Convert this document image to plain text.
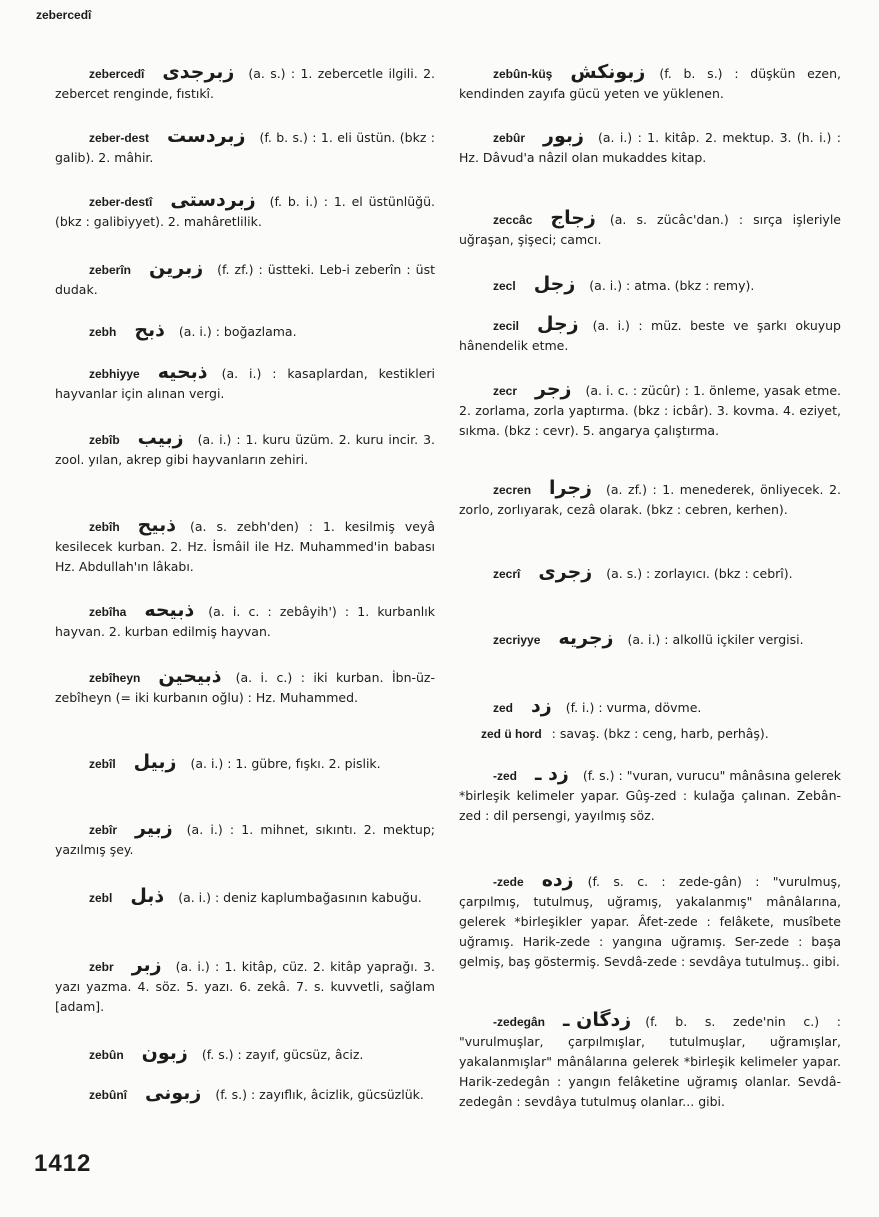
zebercedî
zebercedî زبرجدى (a. s.) : 1. zebercetle ilgili. 2. zebercet renginde, fıstıkî.
zeber-dest زبردست (f. b. s.) : 1. eli üstün. (bkz : galib). 2. mâhir.
zeber-destî زبردستى (f. b. i.) : 1. el üstünlüğü. (bkz : galibiyyet). 2. mahâretlilik.
zeberîn زبرين (f. zf.) : üstteki. Leb-i zeberîn : üst dudak.
zebh ذبح (a. i.) : boğazlama.
zebhiyye ذبحيه (a. i.) : kasaplardan, kestikleri hayvanlar için alınan vergi.
zebîb زبيب (a. i.) : 1. kuru üzüm. 2. kuru incir. 3. zool. yılan, akrep gibi hayvanların zehiri.
zebîh ذبيح (a. s. zebh'den) : 1. kesilmiş veyâ kesilecek kurban. 2. Hz. İsmâil ile Hz. Muhammed'in babası Hz. Abdullah'ın lâkabı.
zebîha ذبيحه (a. i. c. : zebâyih') : 1. kurbanlık hayvan. 2. kurban edilmiş hayvan.
zebîheyn ذبيحين (a. i. c.) : iki kurban. İbn-üz-zebîheyn (= iki kurbanın oğlu) : Hz. Muhammed.
zebîl زبيل (a. i.) : 1. gübre, fışkı. 2. pislik.
zebîr زبير (a. i.) : 1. mihnet, sıkıntı. 2. mektup; yazılmış şey.
zebl ذبل (a. i.) : deniz kaplumbağasının kabuğu.
zebr زبر (a. i.) : 1. kitâp, cüz. 2. kitâp yaprağı. 3. yazı yazma. 4. söz. 5. yazı. 6. zekâ. 7. s. kuvvetli, sağlam [adam].
zebûn زبون (f. s.) : zayıf, gücsüz, âciz.
zebûnî زبونى (f. s.) : zayıflık, âcizlik, gücsüzlük.
zebûn-küş زبونكش (f. b. s.) : düşkün ezen, kendinden zayıfa gücü yeten ve yüklenen.
zebûr زبور (a. i.) : 1. kitâp. 2. mektup. 3. (h. i.) : Hz. Dâvud'a nâzil olan mukaddes kitap.
zeccâc زجاج (a. s. zücâc'dan.) : sırça işleriyle uğraşan, şişeci; camcı.
zecl زجل (a. i.) : atma. (bkz : remy).
zecil زجل (a. i.) : müz. beste ve şarkı okuyup hânendelik etme.
zecr زجر (a. i. c. : zücûr) : 1. önleme, yasak etme. 2. zorlama, zorla yaptırma. (bkz : icbâr). 3. kovma. 4. eziyet, sıkma. (bkz : cevr). 5. angarya çalıştırma.
zecren زجرا (a. zf.) : 1. menederek, önliyecek. 2. zorlo, zorlıyarak, cezâ olarak. (bkz : cebren, kerhen).
zecrî زجرى (a. s.) : zorlayıcı. (bkz : cebrî).
zecriyye زجريه (a. i.) : alkollü içkiler vergisi.
zed زد (f. i.) : vurma, dövme.
zed ü hord : savaş. (bkz : ceng, harb, perhâş).
-zed زد ـ (f. s.) : "vuran, vurucu" mânâsına gelerek *birleşik kelimeler yapar. Gûş-zed : kulağa çalınan. Zebân-zed : dil persengi, yayılmış söz.
-zede زده (f. s. c. : zede-gân) : "vurulmuş, çarpılmış, tutulmuş, uğramış, yakalanmış" mânâlarına, gelerek *birleşikler yapar. Âfet-zede : felâkete, musîbete uğramış. Harik-zede : yangına uğramış. Ser-zede : başa gelmiş, baş göstermiş. Sevdâ-zede : sevdâya tutulmuş.. gibi.
-zedegân زدگان ـ (f. b. s. zede'nin c.) : "vurulmuşlar, çarpılmışlar, tutulmuşlar, uğramışlar, yakalanmışlar" mânâlarına gelerek *birleşik kelimeler yapar. Harik-zedegân : yangın felâketine uğramış olanlar. Sevdâ-zedegân : sevdâya tutulmuş olanlar... gibi.
1412
